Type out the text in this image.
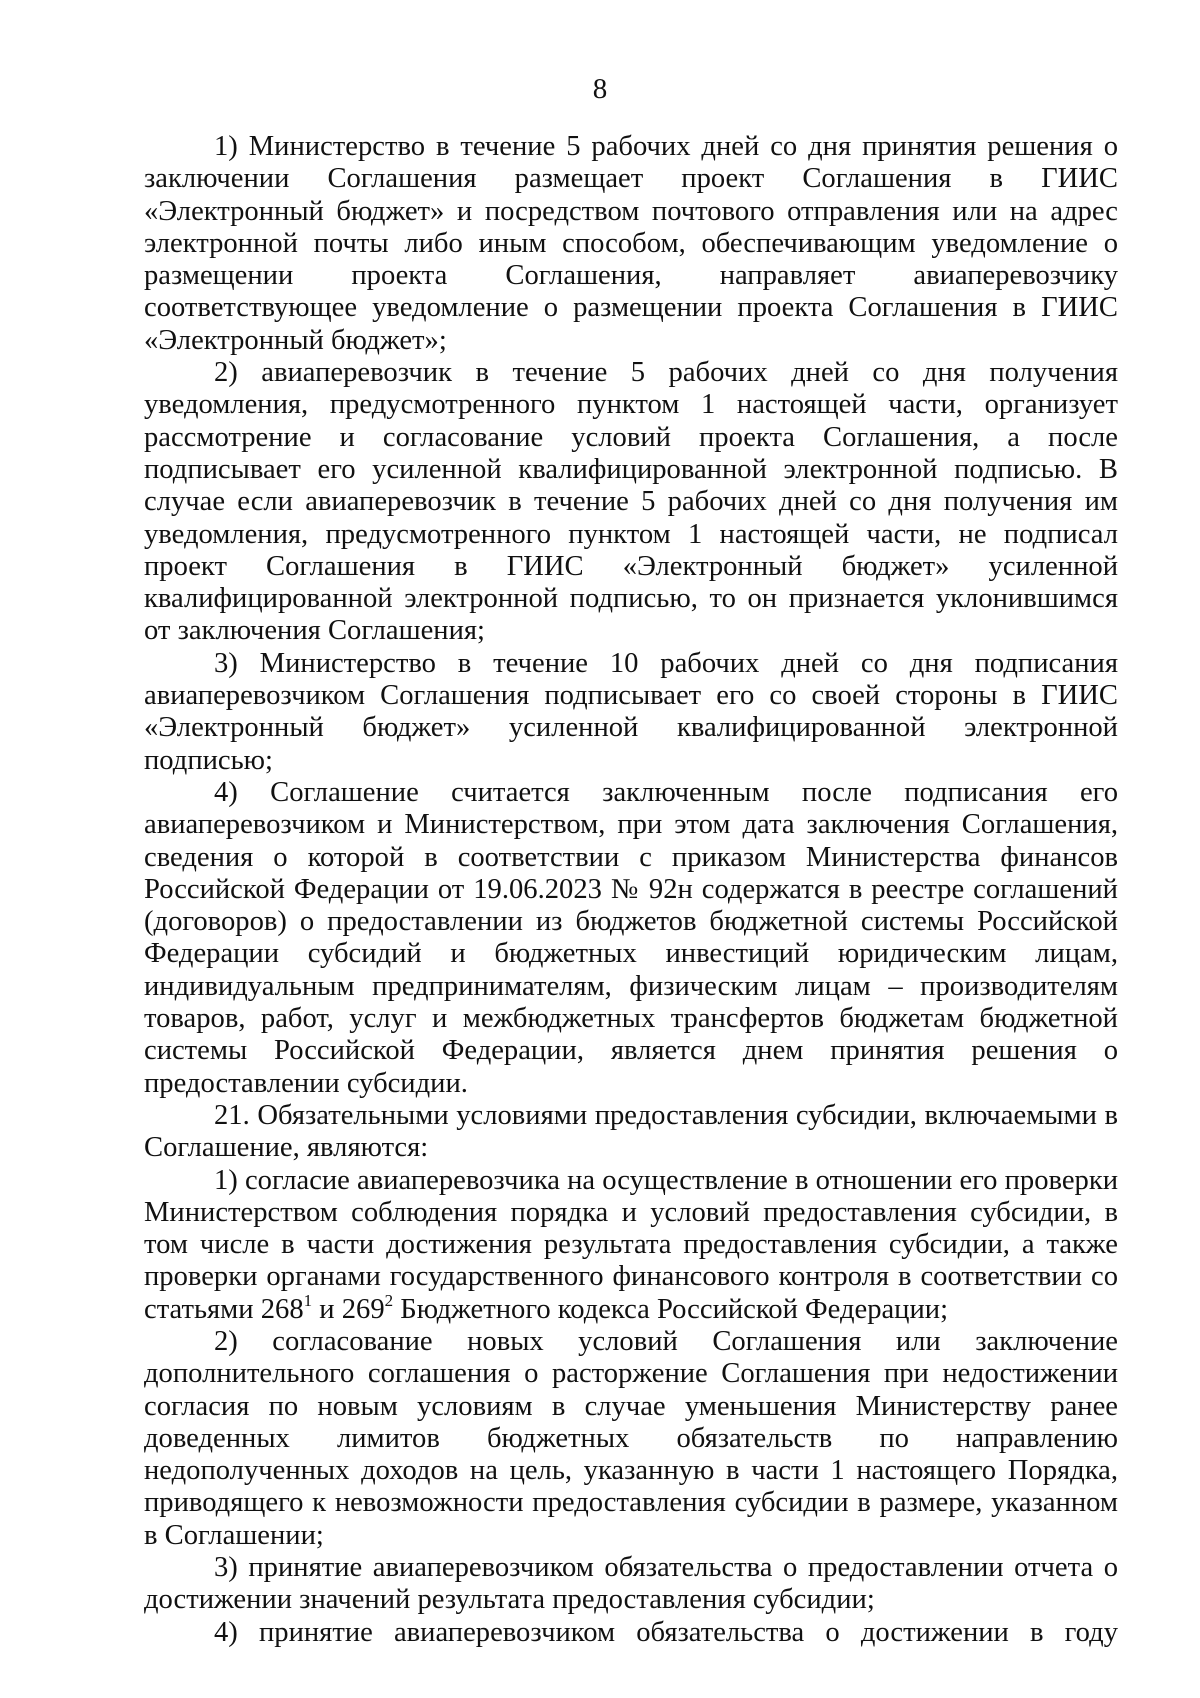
8

1) Министерство в течение 5 рабочих дней со дня принятия решения о заключении Соглашения размещает проект Соглашения в ГИИС «Электронный бюджет» и посредством почтового отправления или на адрес электронной почты либо иным способом, обеспечивающим уведомление о размещении проекта Соглашения, направляет авиаперевозчику соответствующее уведомление о размещении проекта Соглашения в ГИИС «Электронный бюджет»;

2) авиаперевозчик в течение 5 рабочих дней со дня получения уведомления, предусмотренного пунктом 1 настоящей части, организует рассмотрение и согласование условий проекта Соглашения, а после подписывает его усиленной квалифицированной электронной подписью. В случае если авиаперевозчик в течение 5 рабочих дней со дня получения им уведомления, предусмотренного пунктом 1 настоящей части, не подписал проект Соглашения в ГИИС «Электронный бюджет» усиленной квалифицированной электронной подписью, то он признается уклонившимся от заключения Соглашения;

3) Министерство в течение 10 рабочих дней со дня подписания авиаперевозчиком Соглашения подписывает его со своей стороны в ГИИС «Электронный бюджет» усиленной квалифицированной электронной подписью;

4) Соглашение считается заключенным после подписания его авиаперевозчиком и Министерством, при этом дата заключения Соглашения, сведения о которой в соответствии с приказом Министерства финансов Российской Федерации от 19.06.2023 № 92н содержатся в реестре соглашений (договоров) о предоставлении из бюджетов бюджетной системы Российской Федерации субсидий и бюджетных инвестиций юридическим лицам, индивидуальным предпринимателям, физическим лицам – производителям товаров, работ, услуг и межбюджетных трансфертов бюджетам бюджетной системы Российской Федерации, является днем принятия решения о предоставлении субсидии.

21. Обязательными условиями предоставления субсидии, включаемыми в Соглашение, являются:

1) согласие авиаперевозчика на осуществление в отношении его проверки Министерством соблюдения порядка и условий предоставления субсидии, в том числе в части достижения результата предоставления субсидии, а также проверки органами государственного финансового контроля в соответствии со статьями $268^1$ и $269^2$ Бюджетного кодекса Российской Федерации;

2) согласование новых условий Соглашения или заключение дополнительного соглашения о расторжение Соглашения при недостижении согласия по новым условиям в случае уменьшения Министерству ранее доведенных лимитов бюджетных обязательств по направлению недополученных доходов на цель, указанную в части 1 настоящего Порядка, приводящего к невозможности предоставления субсидии в размере, указанном в Соглашении;

3) принятие авиаперевозчиком обязательства о предоставлении отчета о достижении значений результата предоставления субсидии;

4) принятие авиаперевозчиком обязательства о достижении в году
